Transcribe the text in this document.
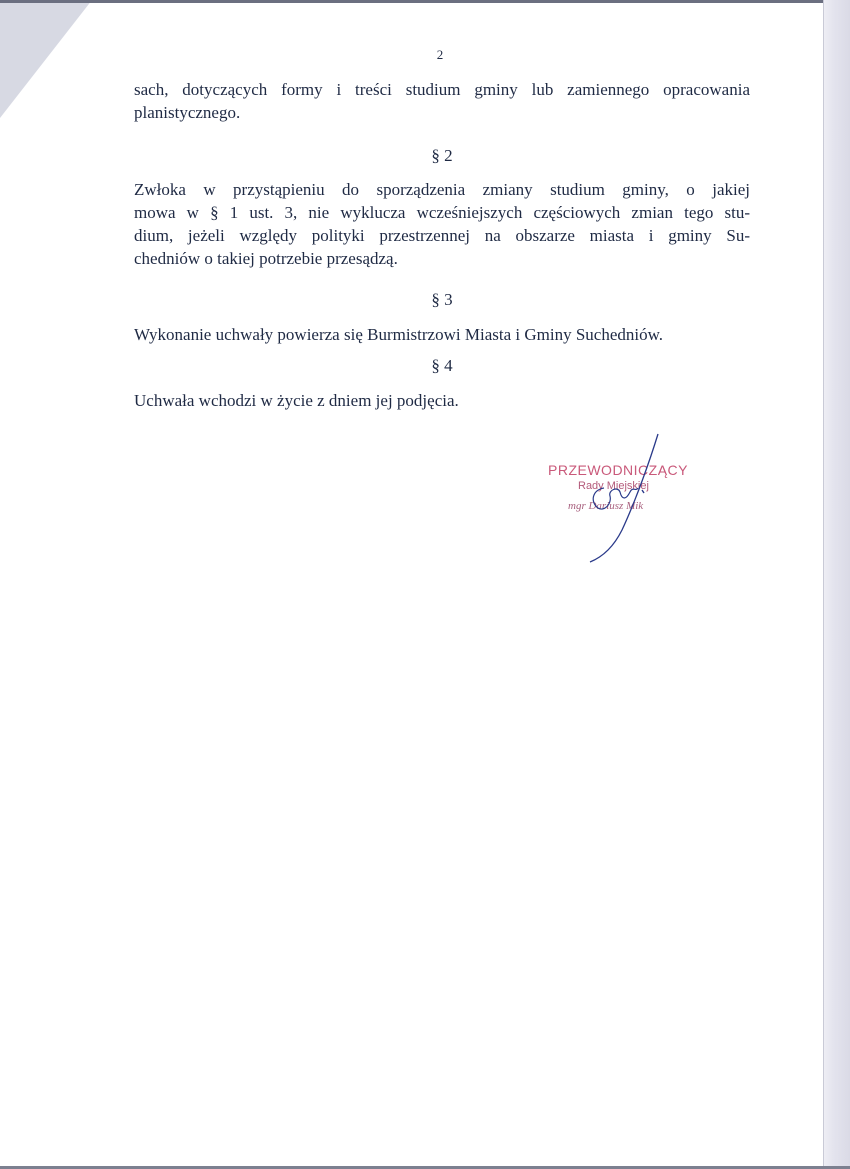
2

sach, dotyczących formy i treści studium gminy lub zamiennego opracowania
planistycznego.

§ 2

Zwłoka w przystąpieniu do sporządzenia zmiany studium gminy, o jakiej
mowa w § 1 ust. 3, nie wyklucza wcześniejszych częściowych zmian tego stu-
dium, jeżeli względy polityki przestrzennej na obszarze miasta i gminy Su-
chedniów o takiej potrzebie przesądzą.

§ 3

Wykonanie uchwały powierza się Burmistrzowi Miasta i Gminy Suchedniów.

§ 4

Uchwała wchodzi w życie z dniem jej podjęcia.

PRZEWODNICZĄCY
Rady Miejskiej
mgr Dariusz Mik
